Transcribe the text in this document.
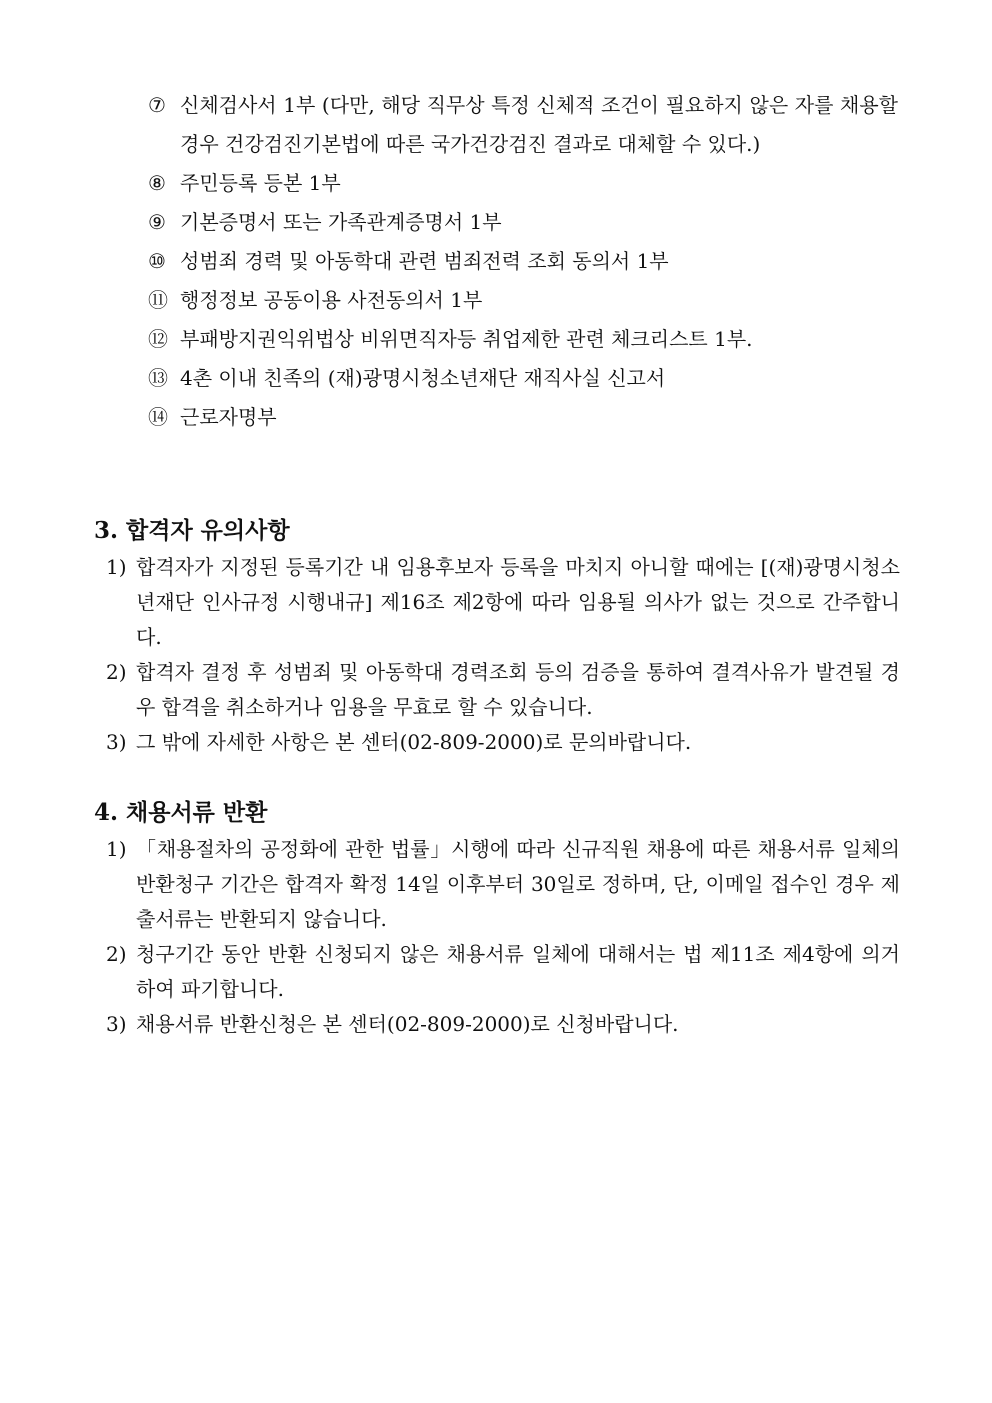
⑦ 신체검사서 1부 (다만, 해당 직무상 특정 신체적 조건이 필요하지 않은 자를 채용할 경우 건강검진기본법에 따른 국가건강검진 결과로 대체할 수 있다.)
⑧ 주민등록 등본 1부
⑨ 기본증명서 또는 가족관계증명서 1부
⑩ 성범죄 경력 및 아동학대 관련 범죄전력 조회 동의서 1부
⑪ 행정정보 공동이용 사전동의서 1부
⑫ 부패방지권익위법상 비위면직자등 취업제한 관련 체크리스트 1부.
⑬ 4촌 이내 친족의 (재)광명시청소년재단 재직사실 신고서
⑭ 근로자명부
3. 합격자 유의사항
1) 합격자가 지정된 등록기간 내 임용후보자 등록을 마치지 아니할 때에는 [(재)광명시청소년재단 인사규정 시행내규] 제16조 제2항에 따라 임용될 의사가 없는 것으로 간주합니다.
2) 합격자 결정 후 성범죄 및 아동학대 경력조회 등의 검증을 통하여 결격사유가 발견될 경우 합격을 취소하거나 임용을 무효로 할 수 있습니다.
3) 그 밖에 자세한 사항은 본 센터(02-809-2000)로 문의바랍니다.
4. 채용서류 반환
1) 「채용절차의 공정화에 관한 법률」시행에 따라 신규직원 채용에 따른 채용서류 일체의 반환청구 기간은 합격자 확정 14일 이후부터 30일로 정하며, 단, 이메일 접수인 경우 제출서류는 반환되지 않습니다.
2) 청구기간 동안 반환 신청되지 않은 채용서류 일체에 대해서는 법 제11조 제4항에 의거하여 파기합니다.
3) 채용서류 반환신청은 본 센터(02-809-2000)로 신청바랍니다.
